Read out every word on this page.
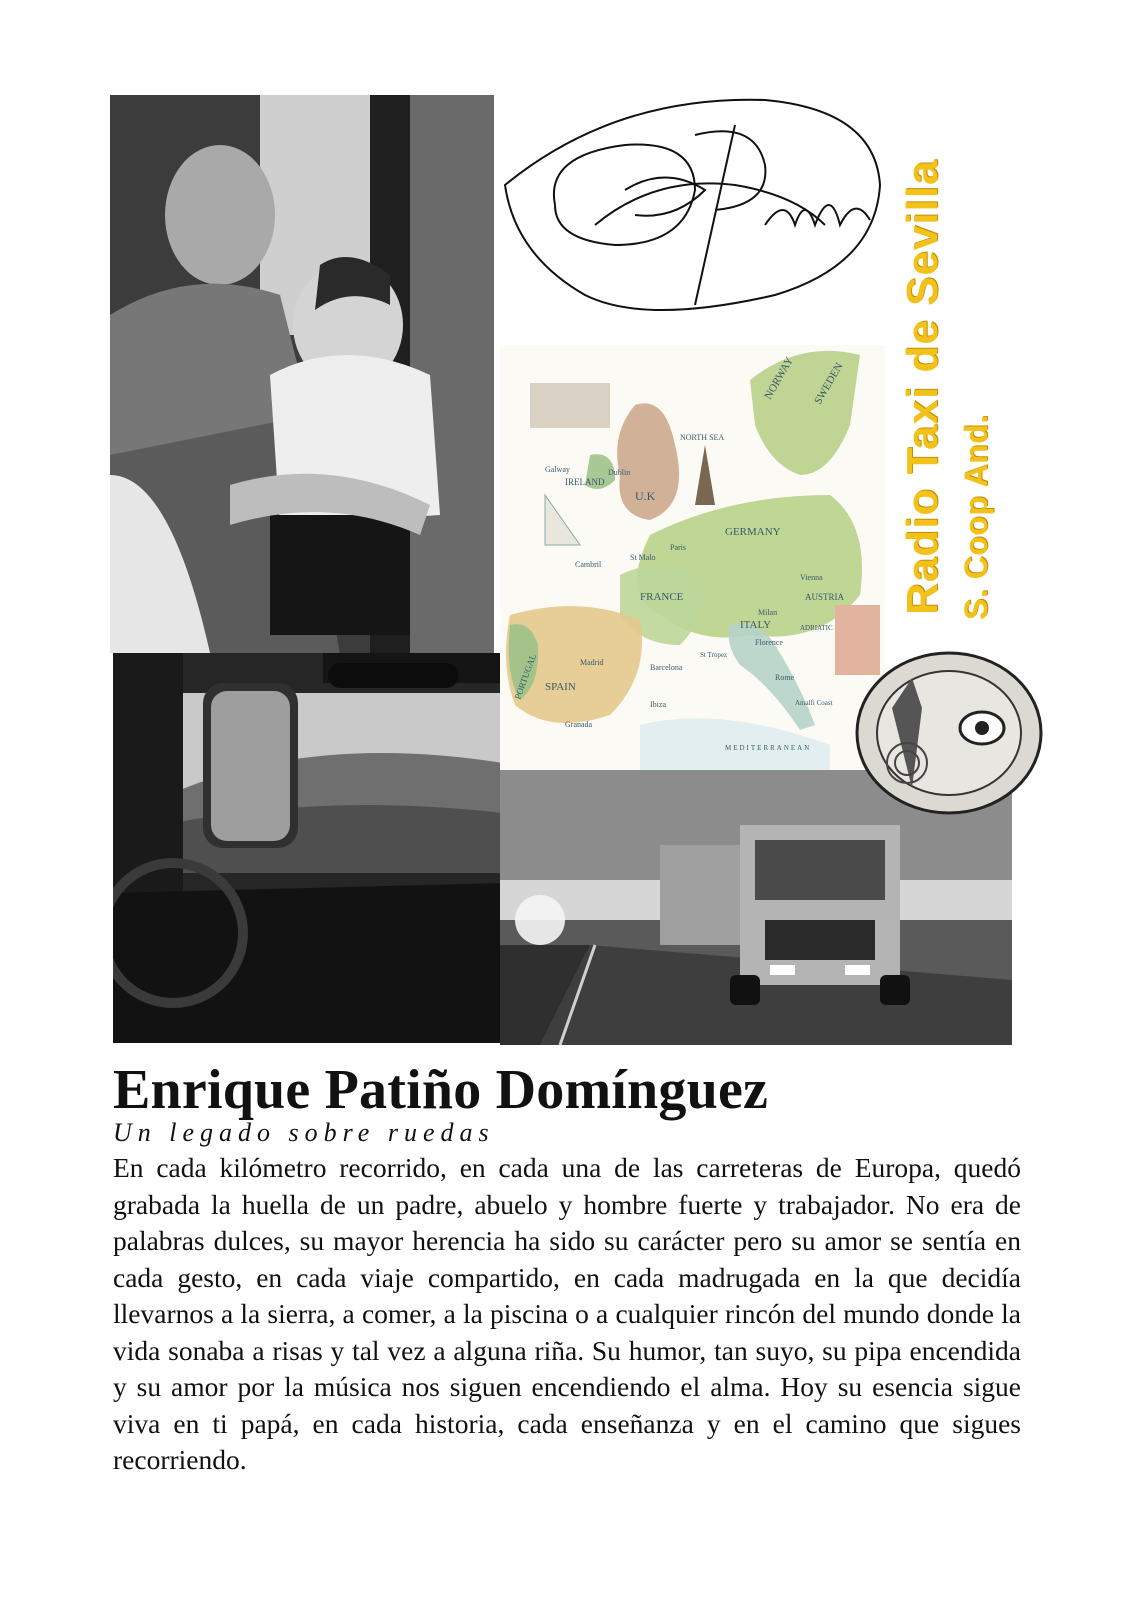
NORWAY SWEDEN
NORTH SEA
Galway
IRELAND
Dublin
U.K
GERMANY
Vienna
AUSTRIA
St Malo
Paris
FRANCE
Cambril
Milan
ITALY
Florence
ADRIATIC
PORTUGAL SPAIN
Madrid
Barcelona
Ibiza
Granada
St Tropez
Rome
Amalfi Coast
MEDITERRANEAN
Radio Taxi de Sevilla S. Coop And.
Enrique Patiño Domínguez
Un legado sobre ruedas

En cada kilómetro recorrido, en cada una de las carreteras de Europa, quedó grabada la huella de un padre, abuelo y hombre fuerte y trabajador. No era de palabras dulces, su mayor herencia ha sido su carácter pero su amor se sentía en cada gesto, en cada viaje compartido, en cada madrugada en la que decidía llevarnos a la sierra, a comer, a la piscina o a cualquier rincón del mundo donde la vida sonaba a risas y tal vez a alguna riña. Su humor, tan suyo, su pipa encendida y su amor por la música nos siguen encendiendo el alma. Hoy su esencia sigue viva en ti papá, en cada historia, cada enseñanza y en el camino que sigues recorriendo.
